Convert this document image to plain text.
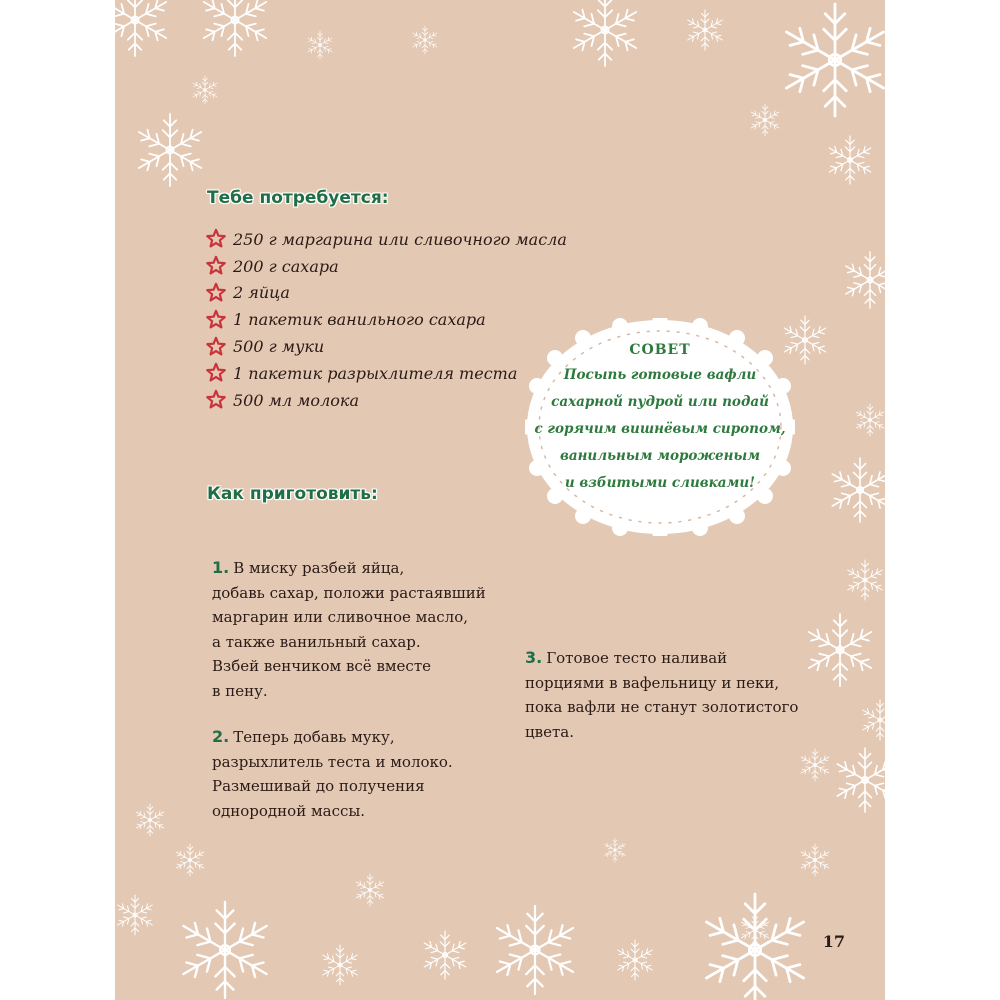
Тебе потребуется:
250 г маргарина или сливочного масла
200 г сахара
2 яйца
1 пакетик ванильного сахара
500 г муки
1 пакетик разрыхлителя теста
500 мл молока
СОВЕТ
Посыпь готовые вафли
сахарной пудрой или подай
с горячим вишнёвым сиропом,
ванильным мороженым
и взбитыми сливками!
Как приготовить:
1. В миску разбей яйца,
добавь сахар, положи растаявший
маргарин или сливочное масло,
а также ванильный сахар.
Взбей венчиком всё вместе
в пену.
2. Теперь добавь муку,
разрыхлитель теста и молоко.
Размешивай до получения
однородной массы.
3. Готовое тесто наливай
порциями в вафельницу и пеки,
пока вафли не станут золотистого
цвета.
17
